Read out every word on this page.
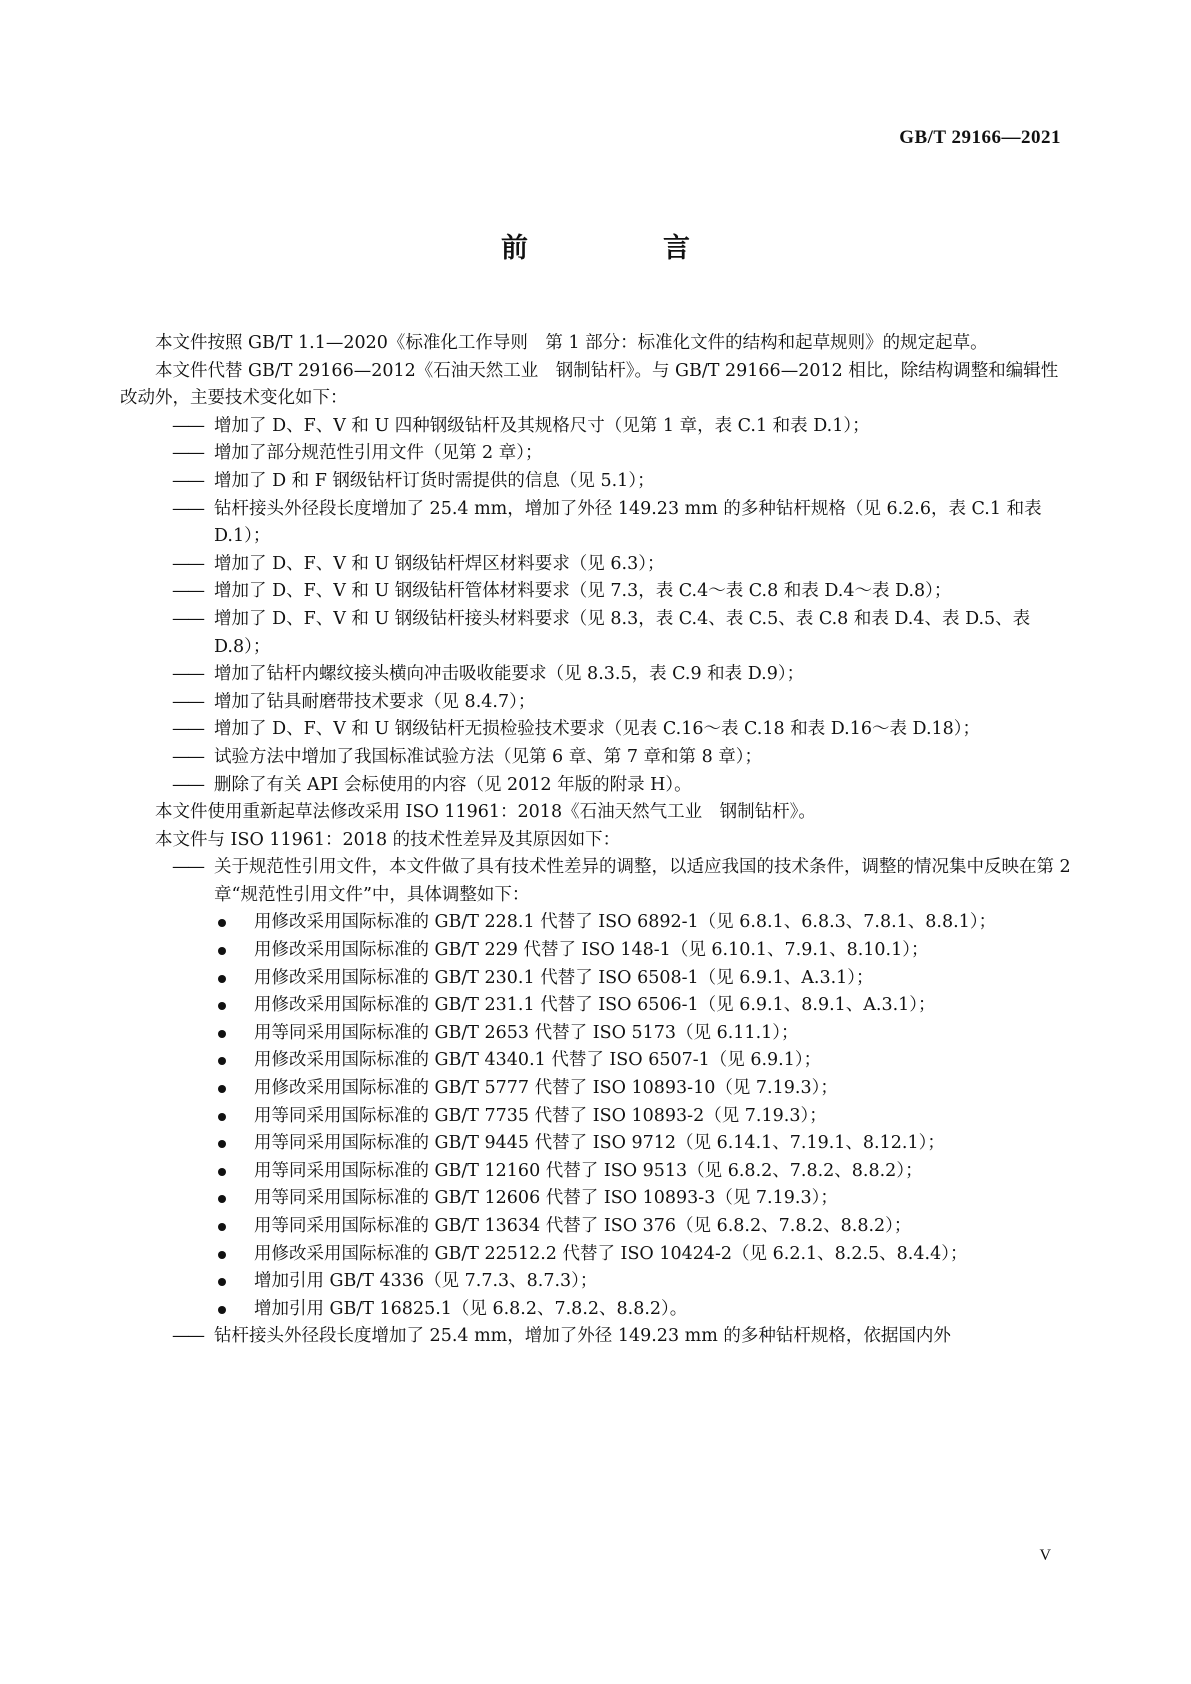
GB/T 29166—2021
前　言

本文件按照 GB/T 1.1—2020《标准化工作导则　第 1 部分：标准化文件的结构和起草规则》的规定起草。

本文件代替 GB/T 29166—2012《石油天然工业　钢制钻杆》。与 GB/T 29166—2012 相比，除结构调整和编辑性改动外，主要技术变化如下：

—— 增加了 D、F、V 和 U 四种钢级钻杆及其规格尺寸（见第 1 章，表 C.1 和表 D.1）；

—— 增加了部分规范性引用文件（见第 2 章）；

—— 增加了 D 和 F 钢级钻杆订货时需提供的信息（见 5.1）；

—— 钻杆接头外径段长度增加了 25.4 mm，增加了外径 149.23 mm 的多种钻杆规格（见 6.2.6，表 C.1 和表 D.1）；

—— 增加了 D、F、V 和 U 钢级钻杆焊区材料要求（见 6.3）；

—— 增加了 D、F、V 和 U 钢级钻杆管体材料要求（见 7.3，表 C.4～表 C.8 和表 D.4～表 D.8）；

—— 增加了 D、F、V 和 U 钢级钻杆接头材料要求（见 8.3，表 C.4、表 C.5、表 C.8 和表 D.4、表 D.5、表 D.8）；

—— 增加了钻杆内螺纹接头横向冲击吸收能要求（见 8.3.5，表 C.9 和表 D.9）；

—— 增加了钻具耐磨带技术要求（见 8.4.7）；

—— 增加了 D、F、V 和 U 钢级钻杆无损检验技术要求（见表 C.16～表 C.18 和表 D.16～表 D.18）；

—— 试验方法中增加了我国标准试验方法（见第 6 章、第 7 章和第 8 章）；

—— 删除了有关 API 会标使用的内容（见 2012 年版的附录 H）。

本文件使用重新起草法修改采用 ISO 11961：2018《石油天然气工业　钢制钻杆》。

本文件与 ISO 11961：2018 的技术性差异及其原因如下：

—— 关于规范性引用文件，本文件做了具有技术性差异的调整，以适应我国的技术条件，调整的情况集中反映在第 2 章“规范性引用文件”中，具体调整如下：

用修改采用国际标准的 GB/T 228.1 代替了 ISO 6892-1（见 6.8.1、6.8.3、7.8.1、8.8.1）；

用修改采用国际标准的 GB/T 229 代替了 ISO 148-1（见 6.10.1、7.9.1、8.10.1）；

用修改采用国际标准的 GB/T 230.1 代替了 ISO 6508-1（见 6.9.1、A.3.1）；

用修改采用国际标准的 GB/T 231.1 代替了 ISO 6506-1（见 6.9.1、8.9.1、A.3.1）；

用等同采用国际标准的 GB/T 2653 代替了 ISO 5173（见 6.11.1）；

用修改采用国际标准的 GB/T 4340.1 代替了 ISO 6507-1（见 6.9.1）；

用修改采用国际标准的 GB/T 5777 代替了 ISO 10893-10（见 7.19.3）；

用等同采用国际标准的 GB/T 7735 代替了 ISO 10893-2（见 7.19.3）；

用等同采用国际标准的 GB/T 9445 代替了 ISO 9712（见 6.14.1、7.19.1、8.12.1）；

用等同采用国际标准的 GB/T 12160 代替了 ISO 9513（见 6.8.2、7.8.2、8.8.2）；

用等同采用国际标准的 GB/T 12606 代替了 ISO 10893-3（见 7.19.3）；

用等同采用国际标准的 GB/T 13634 代替了 ISO 376（见 6.8.2、7.8.2、8.8.2）；

用修改采用国际标准的 GB/T 22512.2 代替了 ISO 10424-2（见 6.2.1、8.2.5、8.4.4）；

增加引用 GB/T 4336（见 7.7.3、8.7.3）；

增加引用 GB/T 16825.1（见 6.8.2、7.8.2、8.8.2）。

—— 钻杆接头外径段长度增加了 25.4 mm，增加了外径 149.23 mm 的多种钻杆规格，依据国内外

V
